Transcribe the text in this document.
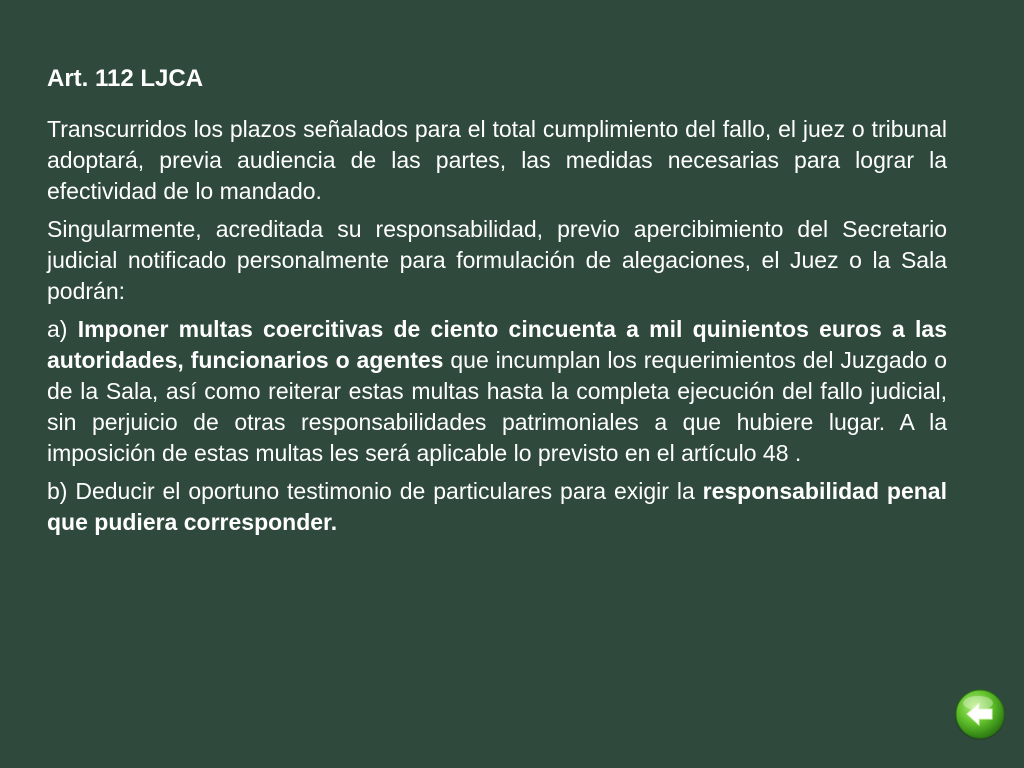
Art. 112 LJCA

Transcurridos los plazos señalados para el total cumplimiento del fallo, el juez o tribunal adoptará, previa audiencia de las partes, las medidas necesarias para lograr la efectividad de lo mandado.

Singularmente, acreditada su responsabilidad, previo apercibimiento del Secretario judicial notificado personalmente para formulación de alegaciones, el Juez o la Sala podrán:

a) Imponer multas coercitivas de ciento cincuenta a mil quinientos euros a las autoridades, funcionarios o agentes que incumplan los requerimientos del Juzgado o de la Sala, así como reiterar estas multas hasta la completa ejecución del fallo judicial, sin perjuicio de otras responsabilidades patrimoniales a que hubiere lugar. A la imposición de estas multas les será aplicable lo previsto en el artículo 48 .

b) Deducir el oportuno testimonio de particulares para exigir la responsabilidad penal que pudiera corresponder.
